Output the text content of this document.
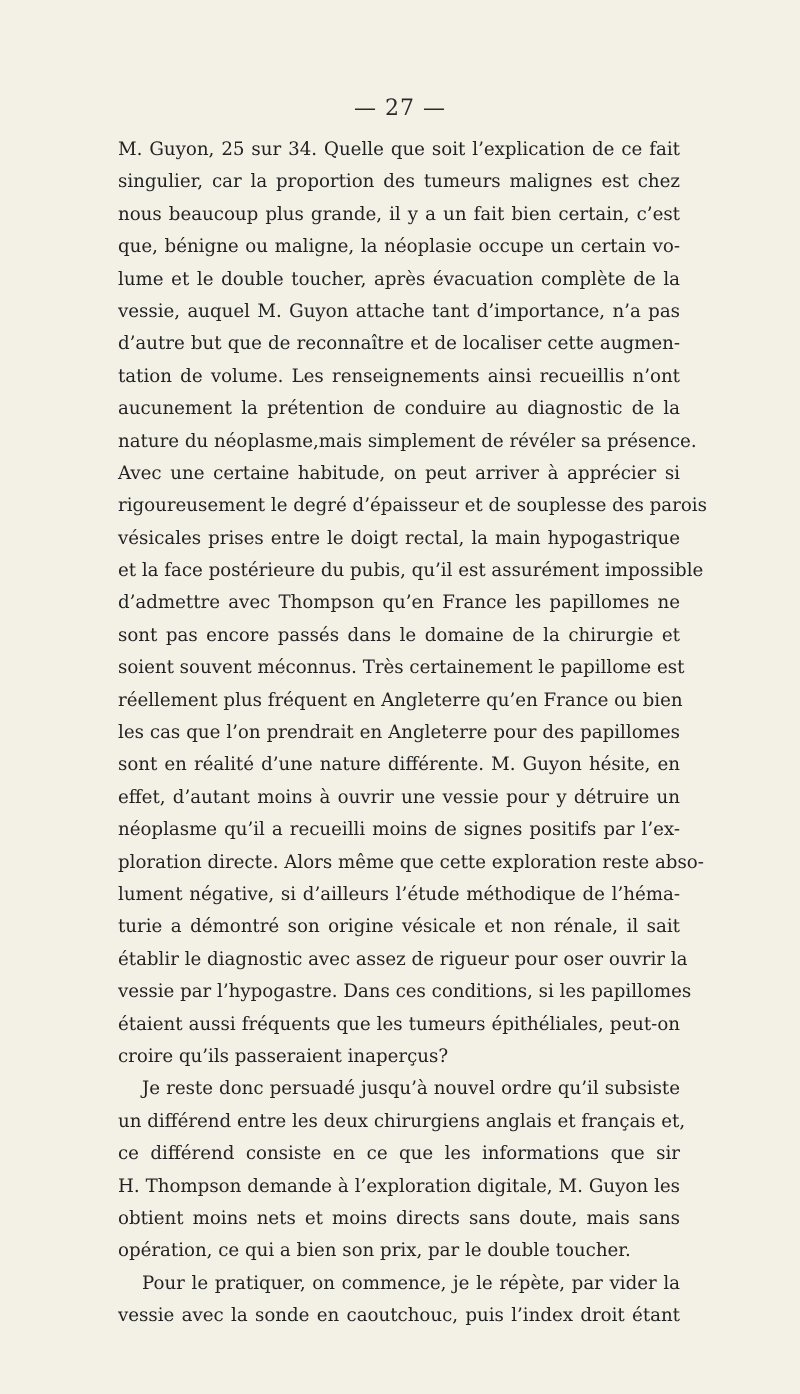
— 27 —
M. Guyon, 25 sur 34. Quelle que soit l’explication de ce fait
singulier, car la proportion des tumeurs malignes est chez
nous beaucoup plus grande, il y a un fait bien certain, c’est
que, bénigne ou maligne, la néoplasie occupe un certain vo-
lume et le double toucher, après évacuation complète de la
vessie, auquel M. Guyon attache tant d’importance, n’a pas
d’autre but que de reconnaître et de localiser cette augmen-
tation de volume. Les renseignements ainsi recueillis n’ont
aucunement la prétention de conduire au diagnostic de la
nature du néoplasme,mais simplement de révéler sa présence.
Avec une certaine habitude, on peut arriver à apprécier si
rigoureusement le degré d’épaisseur et de souplesse des parois
vésicales prises entre le doigt rectal, la main hypogastrique
et la face postérieure du pubis, qu’il est assurément impossible
d’admettre avec Thompson qu’en France les papillomes ne
sont pas encore passés dans le domaine de la chirurgie et
soient souvent méconnus. Très certainement le papillome est
réellement plus fréquent en Angleterre qu’en France ou bien
les cas que l’on prendrait en Angleterre pour des papillomes
sont en réalité d’une nature différente. M. Guyon hésite, en
effet, d’autant moins à ouvrir une vessie pour y détruire un
néoplasme qu’il a recueilli moins de signes positifs par l’ex-
ploration directe. Alors même que cette exploration reste abso-
lument négative, si d’ailleurs l’étude méthodique de l’héma-
turie a démontré son origine vésicale et non rénale, il sait
établir le diagnostic avec assez de rigueur pour oser ouvrir la
vessie par l’hypogastre. Dans ces conditions, si les papillomes
étaient aussi fréquents que les tumeurs épithéliales, peut-on
croire qu’ils passeraient inaperçus?
Je reste donc persuadé jusqu’à nouvel ordre qu’il subsiste
un différend entre les deux chirurgiens anglais et français et,
ce différend consiste en ce que les informations que sir
H. Thompson demande à l’exploration digitale, M. Guyon les
obtient moins nets et moins directs sans doute, mais sans
opération, ce qui a bien son prix, par le double toucher.
Pour le pratiquer, on commence, je le répète, par vider la
vessie avec la sonde en caoutchouc, puis l’index droit étant
